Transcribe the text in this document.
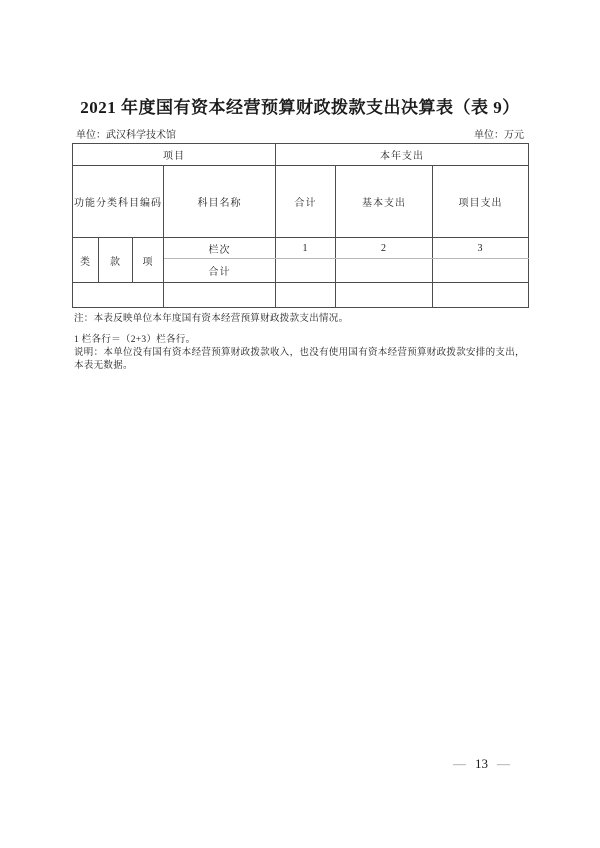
2021 年度国有资本经营预算财政拨款支出决算表（表 9）
单位：武汉科学技术馆	单位：万元
项目				本年支出		
功能分类科目编码			科目名称	合计	基本支出	项目支出
类	款	项	栏次	1	2	3
			合计			

注：本表反映单位本年度国有资本经营预算财政拨款支出情况。

1 栏各行＝（2+3）栏各行。

说明：本单位没有国有资本经营预算财政拨款收入，也没有使用国有资本经营预算财政拨款安排的支出，本表无数据。

— 13 —
